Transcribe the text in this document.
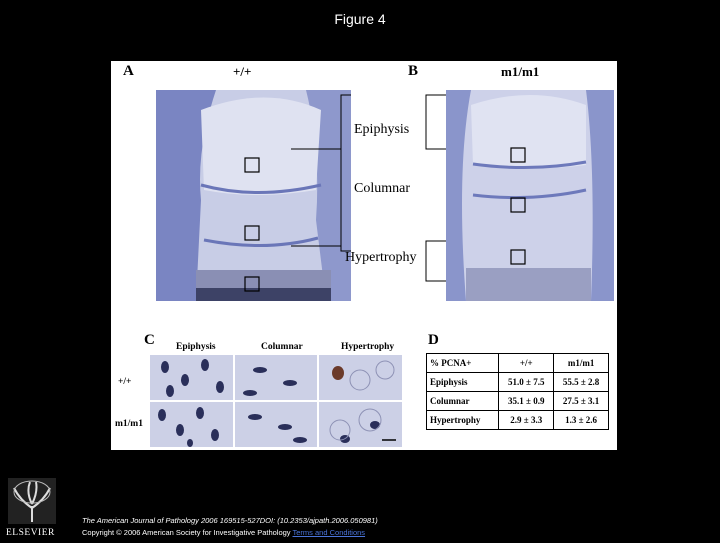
Figure 4
A	+/+
Epiphysis
Columnar
Hypertrophy
B	m1/m1
C Epiphysis	Columnar	Hypertrophy
+/+
m1/m1
D
% PCNA+	+/+	m1/m1
Epiphysis	51.0 ± 7.5	55.5 ± 2.8
Columnar	35.1 ± 0.9	27.5 ± 3.1
Hypertrophy	2.9 ± 3.3	1.3 ± 2.6
ELSEVIER
The American Journal of Pathology 2006 169515-527DOI: (10.2353/ajpath.2006.050981)
Copyright © 2006 American Society for Investigative Pathology Terms and Conditions
